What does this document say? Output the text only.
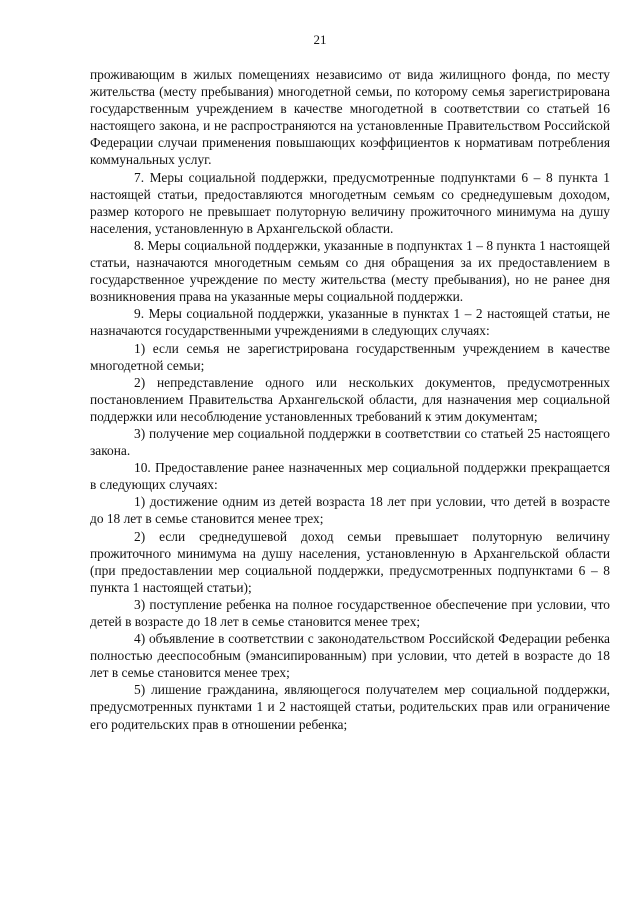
21

проживающим в жилых помещениях независимо от вида жилищного фонда, по месту жительства (месту пребывания) многодетной семьи, по которому семья зарегистрирована государственным учреждением в качестве многодетной в соответствии со статьей 16 настоящего закона, и не распространяются на установленные Правительством Российской Федерации случаи применения повышающих коэффициентов к нормативам потребления коммунальных услуг.

7. Меры социальной поддержки, предусмотренные подпунктами 6 – 8 пункта 1 настоящей статьи, предоставляются многодетным семьям со среднедушевым доходом, размер которого не превышает полуторную величину прожиточного минимума на душу населения, установленную в Архангельской области.

8. Меры социальной поддержки, указанные в подпунктах 1 – 8 пункта 1 настоящей статьи, назначаются многодетным семьям со дня обращения за их предоставлением в государственное учреждение по месту жительства (месту пребывания), но не ранее дня возникновения права на указанные меры социальной поддержки.

9. Меры социальной поддержки, указанные в пунктах 1 – 2 настоящей статьи, не назначаются государственными учреждениями в следующих случаях:

1) если семья не зарегистрирована государственным учреждением в качестве многодетной семьи;

2) непредставление одного или нескольких документов, предусмотренных постановлением Правительства Архангельской области, для назначения мер социальной поддержки или несоблюдение установленных требований к этим документам;

3) получение мер социальной поддержки в соответствии со статьей 25 настоящего закона.

10. Предоставление ранее назначенных мер социальной поддержки прекращается в следующих случаях:

1) достижение одним из детей возраста 18 лет при условии, что детей в возрасте до 18 лет в семье становится менее трех;

2) если среднедушевой доход семьи превышает полуторную величину прожиточного минимума на душу населения, установленную в Архангельской области (при предоставлении мер социальной поддержки, предусмотренных подпунктами 6 – 8 пункта 1 настоящей статьи);

3) поступление ребенка на полное государственное обеспечение при условии, что детей в возрасте до 18 лет в семье становится менее трех;

4) объявление в соответствии с законодательством Российской Федерации ребенка полностью дееспособным (эмансипированным) при условии, что детей в возрасте до 18 лет в семье становится менее трех;

5) лишение гражданина, являющегося получателем мер социальной поддержки, предусмотренных пунктами 1 и 2 настоящей статьи, родительских прав или ограничение его родительских прав в отношении ребенка;
